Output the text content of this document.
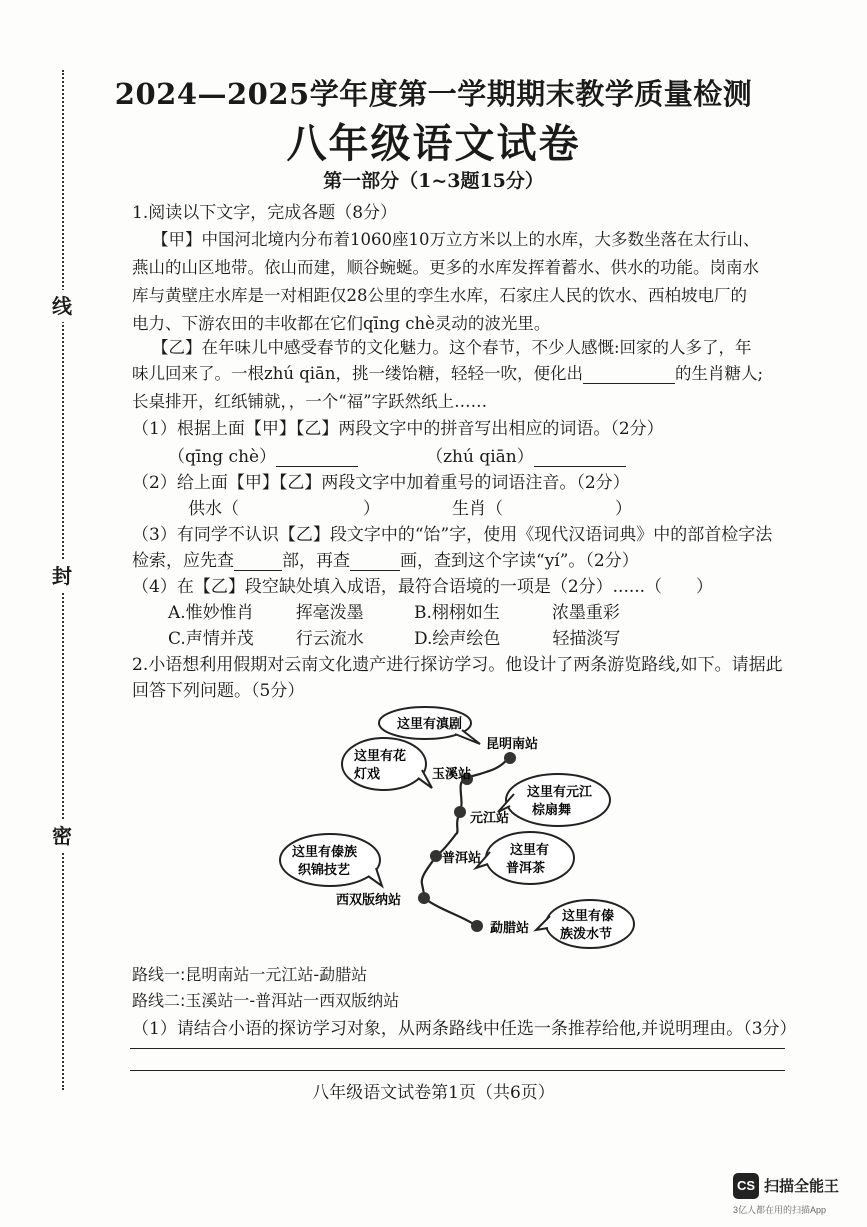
线
封
密
2024—2025学年度第一学期期末教学质量检测
八年级语文试卷
第一部分（1~3题15分）
1.阅读以下文字，完成各题（8分）
【甲】中国河北境内分布着1060座10万立方米以上的水库，大多数坐落在太行山、
燕山的山区地带。依山而建，顺谷蜿蜒。更多的水库发挥着蓄水、供水的功能。岗南水
库与黄壁庄水库是一对相距仅28公里的孪生水库，石家庄人民的饮水、西柏坡电厂的
电力、下游农田的丰收都在它们qīng chè灵动的波光里。
【乙】在年味儿中感受春节的文化魅力。这个春节，不少人感慨:回家的人多了，年
味儿回来了。一根zhú qiān，挑一缕饴糖，轻轻一吹，便化出	的生肖糖人;
长桌排开，红纸铺就，，一个“福”字跃然纸上……
（1）根据上面【甲】【乙】两段文字中的拼音写出相应的词语。（2分）
（qīng chè）	（zhú qiān）
（2）给上面【甲】【乙】两段文字中加着重号的词语注音。（2分）
供水（	）	生肖（	）
（3）有同学不认识【乙】段文字中的“饴”字，使用《现代汉语词典》中的部首检字法
检索，应先查	部，再查	画，查到这个字读“yí”。（2分）
（4）在【乙】段空缺处填入成语，最符合语境的一项是（2分）......（　　）
A.惟妙惟肖 挥毫泼墨	B.栩栩如生	浓墨重彩
C.声情并茂 行云流水	D.绘声绘色	轻描淡写
2.小语想利用假期对云南文化遗产进行探访学习。他设计了两条游览路线,如下。请据此
回答下列问题。（5分）
昆明南站
玉溪站
元江站
普洱站
西双版纳站
勐腊站
这里有滇剧
这里有花
灯戏
这里有元江
棕扇舞
这里有
普洱茶
这里有傣族
织锦技艺
这里有傣
族泼水节
路线一:昆明南站一元江站-勐腊站
路线二:玉溪站一-普洱站一西双版纳站
（1）请结合小语的探访学习对象，从两条路线中任选一条推荐给他,并说明理由。（3分）
八年级语文试卷第1页（共6页）
CS 扫描全能王
3亿人都在用的扫描App
